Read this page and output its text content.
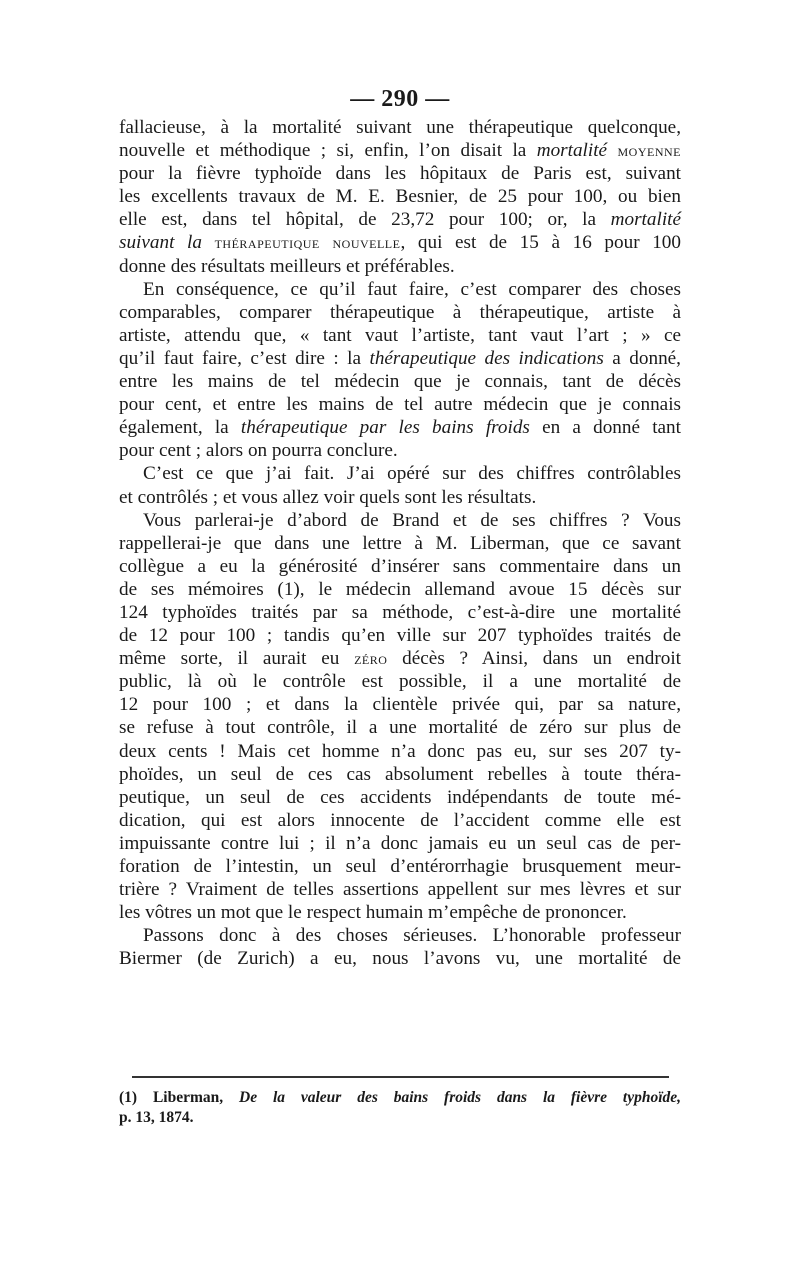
— 290 —
fallacieuse, à la mortalité suivant une thérapeutique quelconque,
nouvelle et méthodique ; si, enfin, l’on disait la mortalité moyenne
pour la fièvre typhoïde dans les hôpitaux de Paris est, suivant
les excellents travaux de M. E. Besnier, de 25 pour 100, ou bien
elle est, dans tel hôpital, de 23,72 pour 100; or, la mortalité
suivant la thérapeutique nouvelle, qui est de 15 à 16 pour 100
donne des résultats meilleurs et préférables.
En conséquence, ce qu’il faut faire, c’est comparer des choses
comparables, comparer thérapeutique à thérapeutique, artiste à
artiste, attendu que, « tant vaut l’artiste, tant vaut l’art ; » ce
qu’il faut faire, c’est dire : la thérapeutique des indications a donné,
entre les mains de tel médecin que je connais, tant de décès
pour cent, et entre les mains de tel autre médecin que je connais
également, la thérapeutique par les bains froids en a donné tant
pour cent ; alors on pourra conclure.
C’est ce que j’ai fait. J’ai opéré sur des chiffres contrôlables
et contrôlés ; et vous allez voir quels sont les résultats.
Vous parlerai-je d’abord de Brand et de ses chiffres ? Vous
rappellerai-je que dans une lettre à M. Liberman, que ce savant
collègue a eu la générosité d’insérer sans commentaire dans un
de ses mémoires (1), le médecin allemand avoue 15 décès sur
124 typhoïdes traités par sa méthode, c’est-à-dire une mortalité
de 12 pour 100 ; tandis qu’en ville sur 207 typhoïdes traités de
même sorte, il aurait eu zéro décès ? Ainsi, dans un endroit
public, là où le contrôle est possible, il a une mortalité de
12 pour 100 ; et dans la clientèle privée qui, par sa nature,
se refuse à tout contrôle, il a une mortalité de zéro sur plus de
deux cents ! Mais cet homme n’a donc pas eu, sur ses 207 ty-
phoïdes, un seul de ces cas absolument rebelles à toute théra-
peutique, un seul de ces accidents indépendants de toute mé-
dication, qui est alors innocente de l’accident comme elle est
impuissante contre lui ; il n’a donc jamais eu un seul cas de per-
foration de l’intestin, un seul d’entérorrhagie brusquement meur-
trière ? Vraiment de telles assertions appellent sur mes lèvres et sur
les vôtres un mot que le respect humain m’empêche de prononcer.
Passons donc à des choses sérieuses. L’honorable professeur
Biermer (de Zurich) a eu, nous l’avons vu, une mortalité de
(1) Liberman, De la valeur des bains froids dans la fièvre typhoïde,
p. 13, 1874.
